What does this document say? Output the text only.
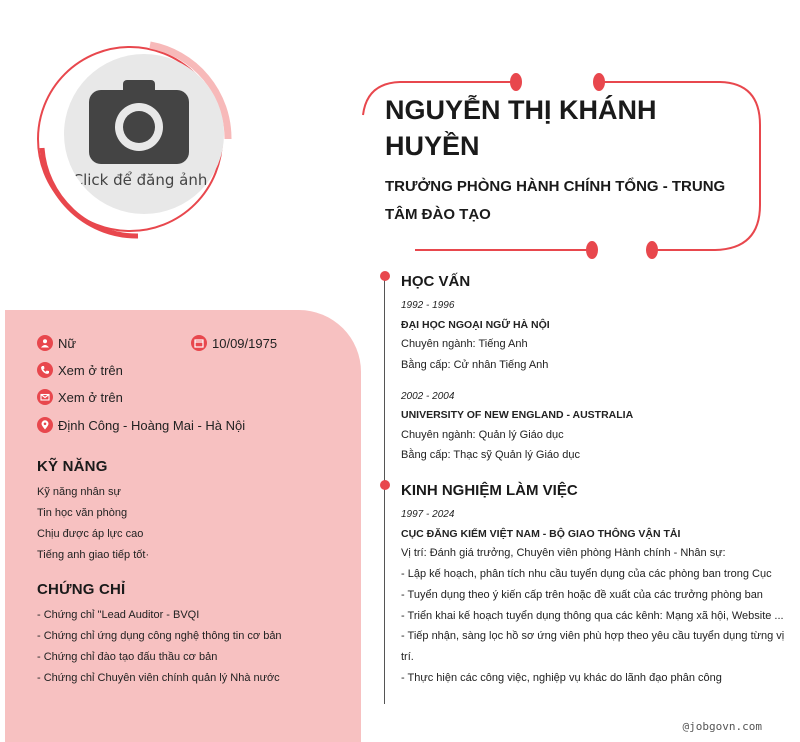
Click để đăng ảnh
NGUYỄN THỊ KHÁNH HUYỀN
TRƯỞNG PHÒNG HÀNH CHÍNH TỔNG - TRUNG TÂM ĐÀO TẠO
Nữ	10/09/1975
Xem ở trên
Xem ở trên
Định Công - Hoàng Mai - Hà Nội
KỸ NĂNG
Kỹ năng nhân sự
Tin học văn phòng
Chịu được áp lực cao
Tiếng anh giao tiếp tốt·
CHỨNG CHỈ
- Chứng chỉ "Lead Auditor - BVQI
- Chứng chỉ ứng dụng công nghệ thông tin cơ bản
- Chứng chỉ đào tạo đấu thầu cơ bản
- Chứng chỉ Chuyên viên chính quản lý Nhà nước
HỌC VẤN
1992 - 1996
ĐẠI HỌC NGOẠI NGỮ HÀ NỘI
Chuyên ngành: Tiếng Anh
Bằng cấp: Cử nhân Tiếng Anh
2002 - 2004
UNIVERSITY OF NEW ENGLAND - AUSTRALIA
Chuyên ngành: Quản lý Giáo dục
Bằng cấp: Thạc sỹ Quản lý Giáo dục
KINH NGHIỆM LÀM VIỆC
1997 - 2024
CỤC ĐĂNG KIỂM VIỆT NAM - BỘ GIAO THÔNG VẬN TẢI
Vị trí: Đánh giá trưởng, Chuyên viên phòng Hành chính - Nhân sự:
- Lập kế hoạch, phân tích nhu cầu tuyển dụng của các phòng ban trong Cục
- Tuyển dụng theo ý kiến cấp trên hoặc đề xuất của các trưởng phòng ban
- Triển khai kế hoạch tuyển dụng thông qua các kênh: Mạng xã hội, Website ...
- Tiếp nhận, sàng lọc hồ sơ ứng viên phù hợp theo yêu cầu tuyển dụng từng vị
trí.
- Thực hiện các công việc, nghiệp vụ khác do lãnh đạo phân công
@jobgovn.com
